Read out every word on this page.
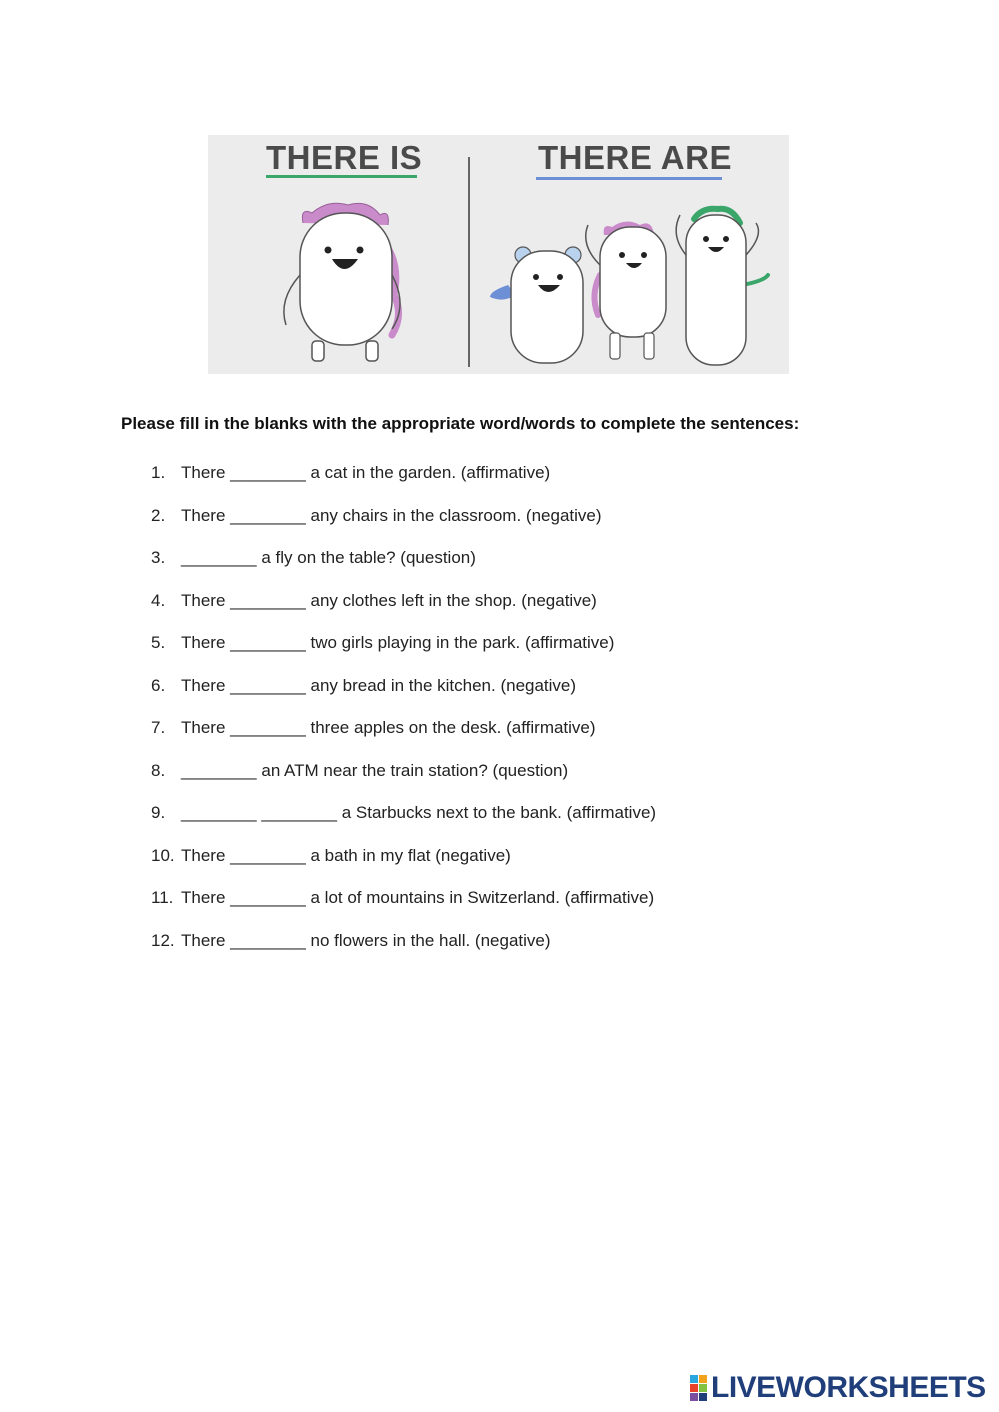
THERE IS	THERE ARE
Please fill in the blanks with the appropriate word/words to complete the sentences:
1. There ________ a cat in the garden. (affirmative)
2. There ________ any chairs in the classroom. (negative)
3. ________ a fly on the table? (question)
4. There ________ any clothes left in the shop. (negative)
5. There ________ two girls playing in the park. (affirmative)
6. There ________ any bread in the kitchen. (negative)
7. There ________ three apples on the desk. (affirmative)
8. ________ an ATM near the train station? (question)
9. ________ ________ a Starbucks next to the bank. (affirmative)
10. There ________ a bath in my flat (negative)
11. There ________ a lot of mountains in Switzerland. (affirmative)
12. There ________ no flowers in the hall. (negative)
LIVEWORKSHEETS
